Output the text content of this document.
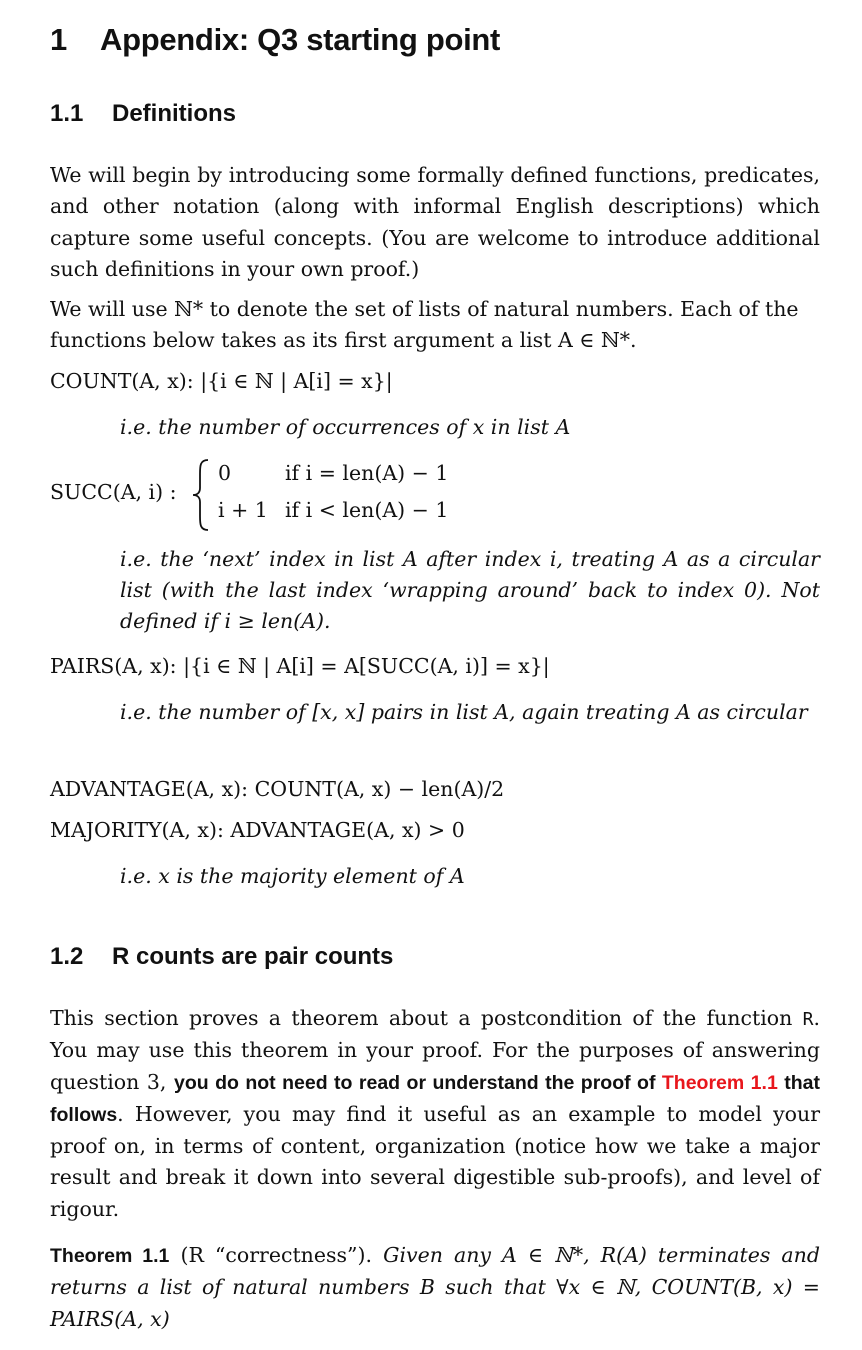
1 Appendix: Q3 starting point
1.1 Definitions
We will begin by introducing some formally defined functions, predicates, and other notation (along with informal English descriptions) which capture some useful concepts. (You are welcome to introduce additional such definitions in your own proof.)
We will use ℕ* to denote the set of lists of natural numbers. Each of the
functions below takes as its first argument a list A ∈ ℕ*.
COUNT(A, x): |{i ∈ ℕ | A[i] = x}|
i.e. the number of occurrences of x in list A
SUCC(A, i) :
0	if i = len(A) − 1
i + 1 if i < len(A) − 1
i.e. the ‘next’ index in list A after index i, treating A as a circular list (with the last index ‘wrapping around’ back to index 0). Not defined if i ≥ len(A).
PAIRS(A, x): |{i ∈ ℕ | A[i] = A[SUCC(A, i)] = x}|
i.e. the number of [x, x] pairs in list A, again treating A as circular
ADVANTAGE(A, x): COUNT(A, x) − len(A)/2
MAJORITY(A, x): ADVANTAGE(A, x) > 0
i.e. x is the majority element of A
1.2 R counts are pair counts
This section proves a theorem about a postcondition of the function R. You may use this theorem in your proof. For the purposes of answering question 3, you do not need to read or understand the proof of Theorem 1.1 that follows. However, you may find it useful as an example to model your proof on, in terms of content, organization (notice how we take a major result and break it down into several digestible sub-proofs), and level of rigour.
Theorem 1.1 (R “correctness”). Given any A ∈ ℕ*, R(A) terminates and returns a list of natural numbers B such that ∀x ∈ ℕ, COUNT(B, x) = PAIRS(A, x)
